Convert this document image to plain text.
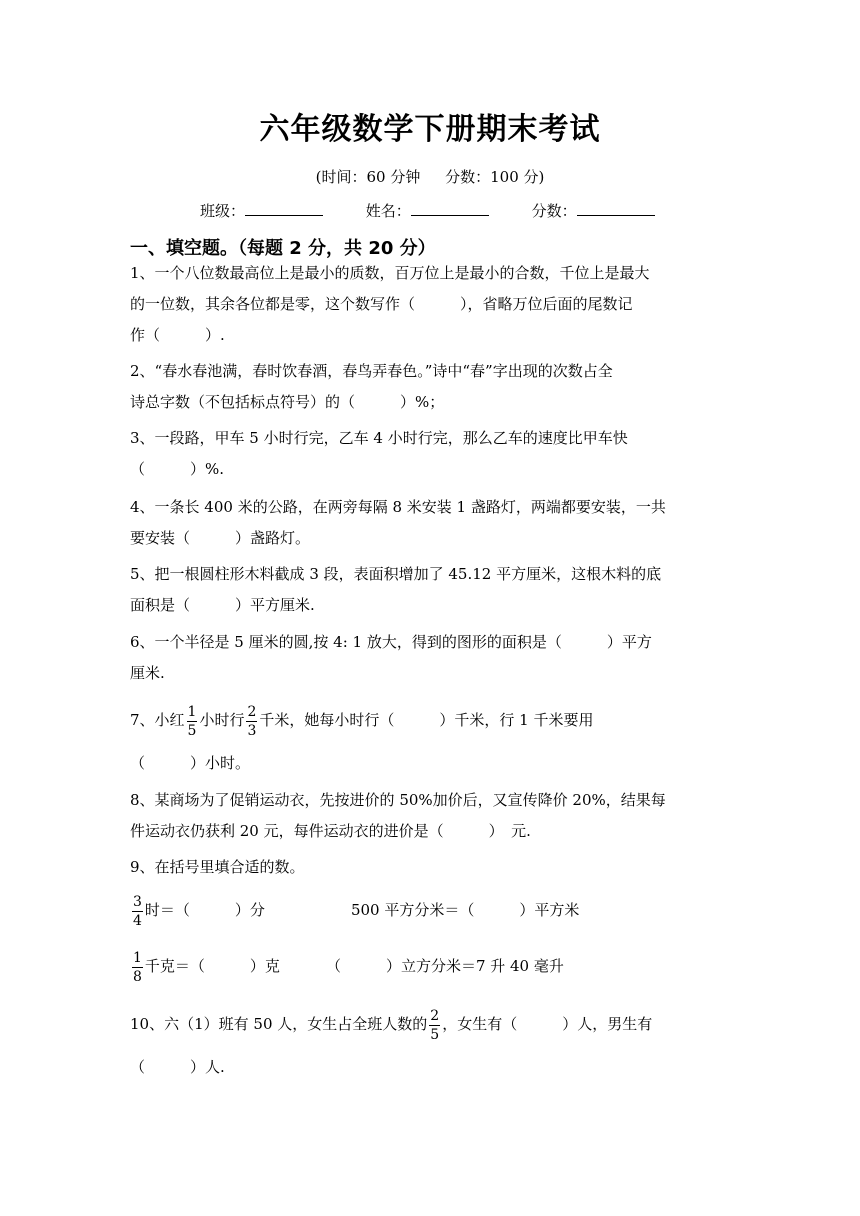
六年级数学下册期末考试
(时间：60 分钟 分数：100 分)
班级：	姓名：	分数：
一、填空题。（每题 2 分，共 20 分）
1、一个八位数最高位上是最小的质数，百万位上是最小的合数，千位上是最大
的一位数，其余各位都是零，这个数写作（　　　），省略万位后面的尾数记
作（　　　）.
2、“春水春池满，春时饮春酒，春鸟弄春色。”诗中“春”字出现的次数占全
诗总字数（不包括标点符号）的（　　　）%；
3、一段路，甲车 5 小时行完，乙车 4 小时行完，那么乙车的速度比甲车快
（　　　）%.
4、一条长 400 米的公路，在两旁每隔 8 米安装 1 盏路灯，两端都要安装，一共
要安装（　　　）盏路灯。
5、把一根圆柱形木料截成 3 段，表面积增加了 45.12 平方厘米，这根木料的底
面积是（　　　）平方厘米.
6、一个半径是 5 厘米的圆,按 4: 1 放大，得到的图形的面积是（　　　）平方
厘米.
7、小红 $\frac{1}{5}$ 小时行 $\frac{2}{3}$ 千米，她每小时行（　　　）千米，行 1 千米要用
（　　　）小时。
8、某商场为了促销运动衣，先按进价的 50%加价后，又宣传降价 20%，结果每
件运动衣仍获利 20 元，每件运动衣的进价是（　　　）　元.
9、在括号里填合适的数。
$\frac{3}{4}$ 时＝（　　　）分	500 平方分米＝（　　　）平方米
$\frac{1}{8}$ 千克＝（　　　）克	（　　　）立方分米＝7 升 40 毫升
10、六（1）班有 50 人，女生占全班人数的 $\frac{2}{5}$ ，女生有（　　　）人，男生有
（　　　）人.
